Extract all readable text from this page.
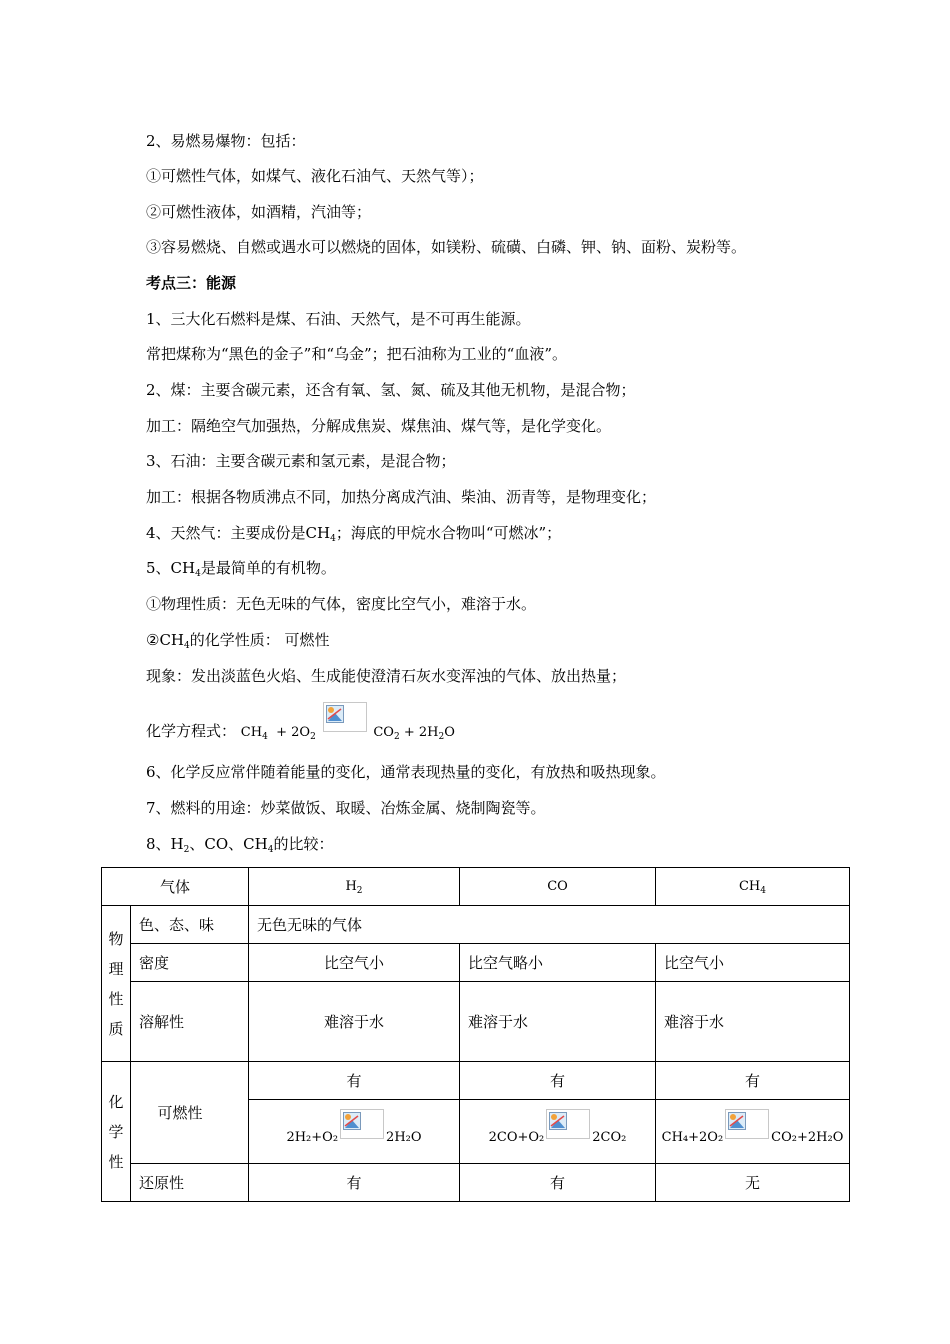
2、易燃易爆物：包括：
①可燃性气体，如煤气、液化石油气、天然气等）；
②可燃性液体，如酒精，汽油等；
③容易燃烧、自燃或遇水可以燃烧的固体，如镁粉、硫磺、白磷、钾、钠、面粉、炭粉等。
考点三：能源
1、三大化石燃料是煤、石油、天然气，是不可再生能源。
常把煤称为“黑色的金子”和“乌金”；把石油称为工业的“血液”。
2、煤：主要含碳元素，还含有氧、氢、氮、硫及其他无机物，是混合物；
加工：隔绝空气加强热，分解成焦炭、煤焦油、煤气等，是化学变化。
3、石油：主要含碳元素和氢元素，是混合物；
加工：根据各物质沸点不同，加热分离成汽油、柴油、沥青等，是物理变化；
4、天然气：主要成份是$CH_4$；海底的甲烷水合物叫“可燃冰”；
5、$CH_4$是最简单的有机物。
①物理性质：无色无味的气体，密度比空气小，难溶于水。
$②CH_4$的化学性质： 可燃性
现象：发出淡蓝色火焰、生成能使澄清石灰水变浑浊的气体、放出热量；
化学方程式： $CH_4 + 2O_2$	$CO_2 + 2H_2O$
6、化学反应常伴随着能量的变化，通常表现热量的变化，有放热和吸热现象。
7、燃料的用途：炒菜做饭、取暖、冶炼金属、烧制陶瓷等。
8、$H_2$、CO、$CH_4$的比较：
气体			$H_2$	CO	$CH_4$

物
理
性
质	色、态、味		无色无味的气体		
	密度		比空气小	比空气略小	比空气小
	溶解性		难溶于水	难溶于水	难溶于水

化
学
性		可燃性	有	有	有
			2H₂+O₂ 2H₂O	2CO+O₂ 2CO₂	CH₄+2O₂ CO₂+2H₂O
	还原性		有	有	无
